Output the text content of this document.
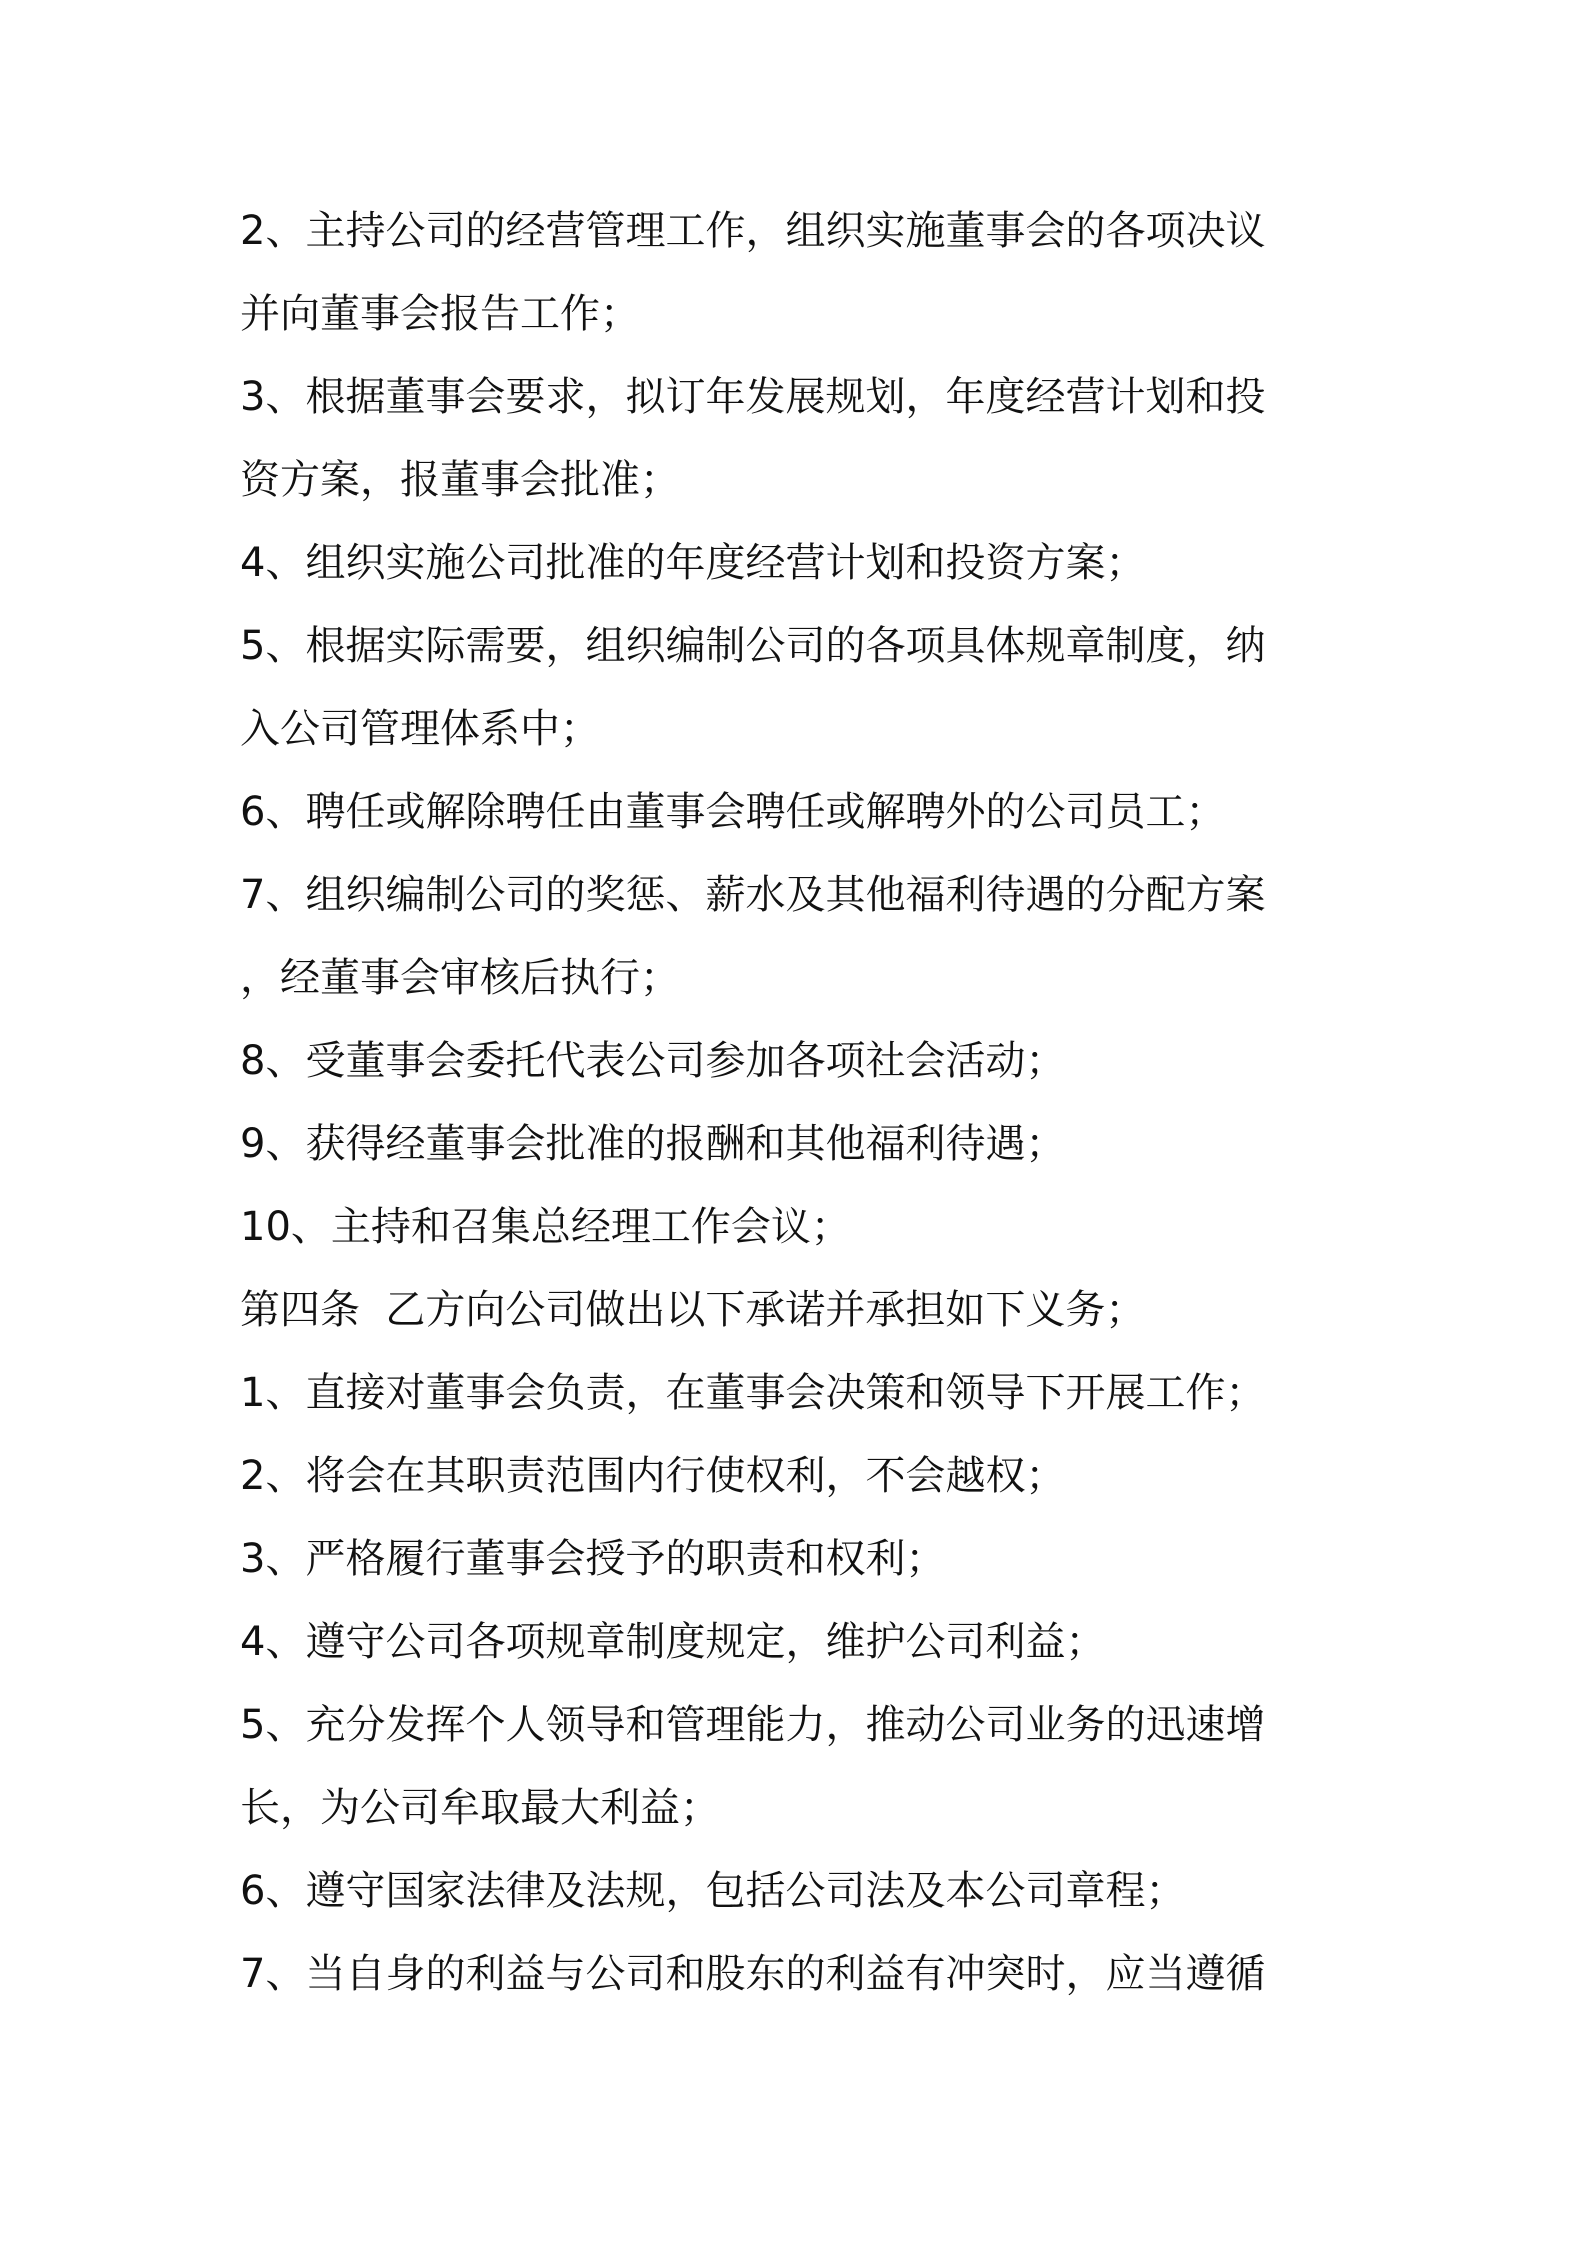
2、主持公司的经营管理工作，组织实施董事会的各项决议
并向董事会报告工作；
3、根据董事会要求，拟订年发展规划，年度经营计划和投
资方案，报董事会批准；
4、组织实施公司批准的年度经营计划和投资方案；
5、根据实际需要，组织编制公司的各项具体规章制度，纳
入公司管理体系中；
6、聘任或解除聘任由董事会聘任或解聘外的公司员工；
7、组织编制公司的奖惩、薪水及其他福利待遇的分配方案
，经董事会审核后执行；
8、受董事会委托代表公司参加各项社会活动；
9、获得经董事会批准的报酬和其他福利待遇；
10、主持和召集总经理工作会议；
第四条  乙方向公司做出以下承诺并承担如下义务；
1、直接对董事会负责，在董事会决策和领导下开展工作；
2、将会在其职责范围内行使权利，不会越权；
3、严格履行董事会授予的职责和权利；
4、遵守公司各项规章制度规定，维护公司利益；
5、充分发挥个人领导和管理能力，推动公司业务的迅速增
长，为公司牟取最大利益；
6、遵守国家法律及法规，包括公司法及本公司章程；
7、当自身的利益与公司和股东的利益有冲突时，应当遵循
